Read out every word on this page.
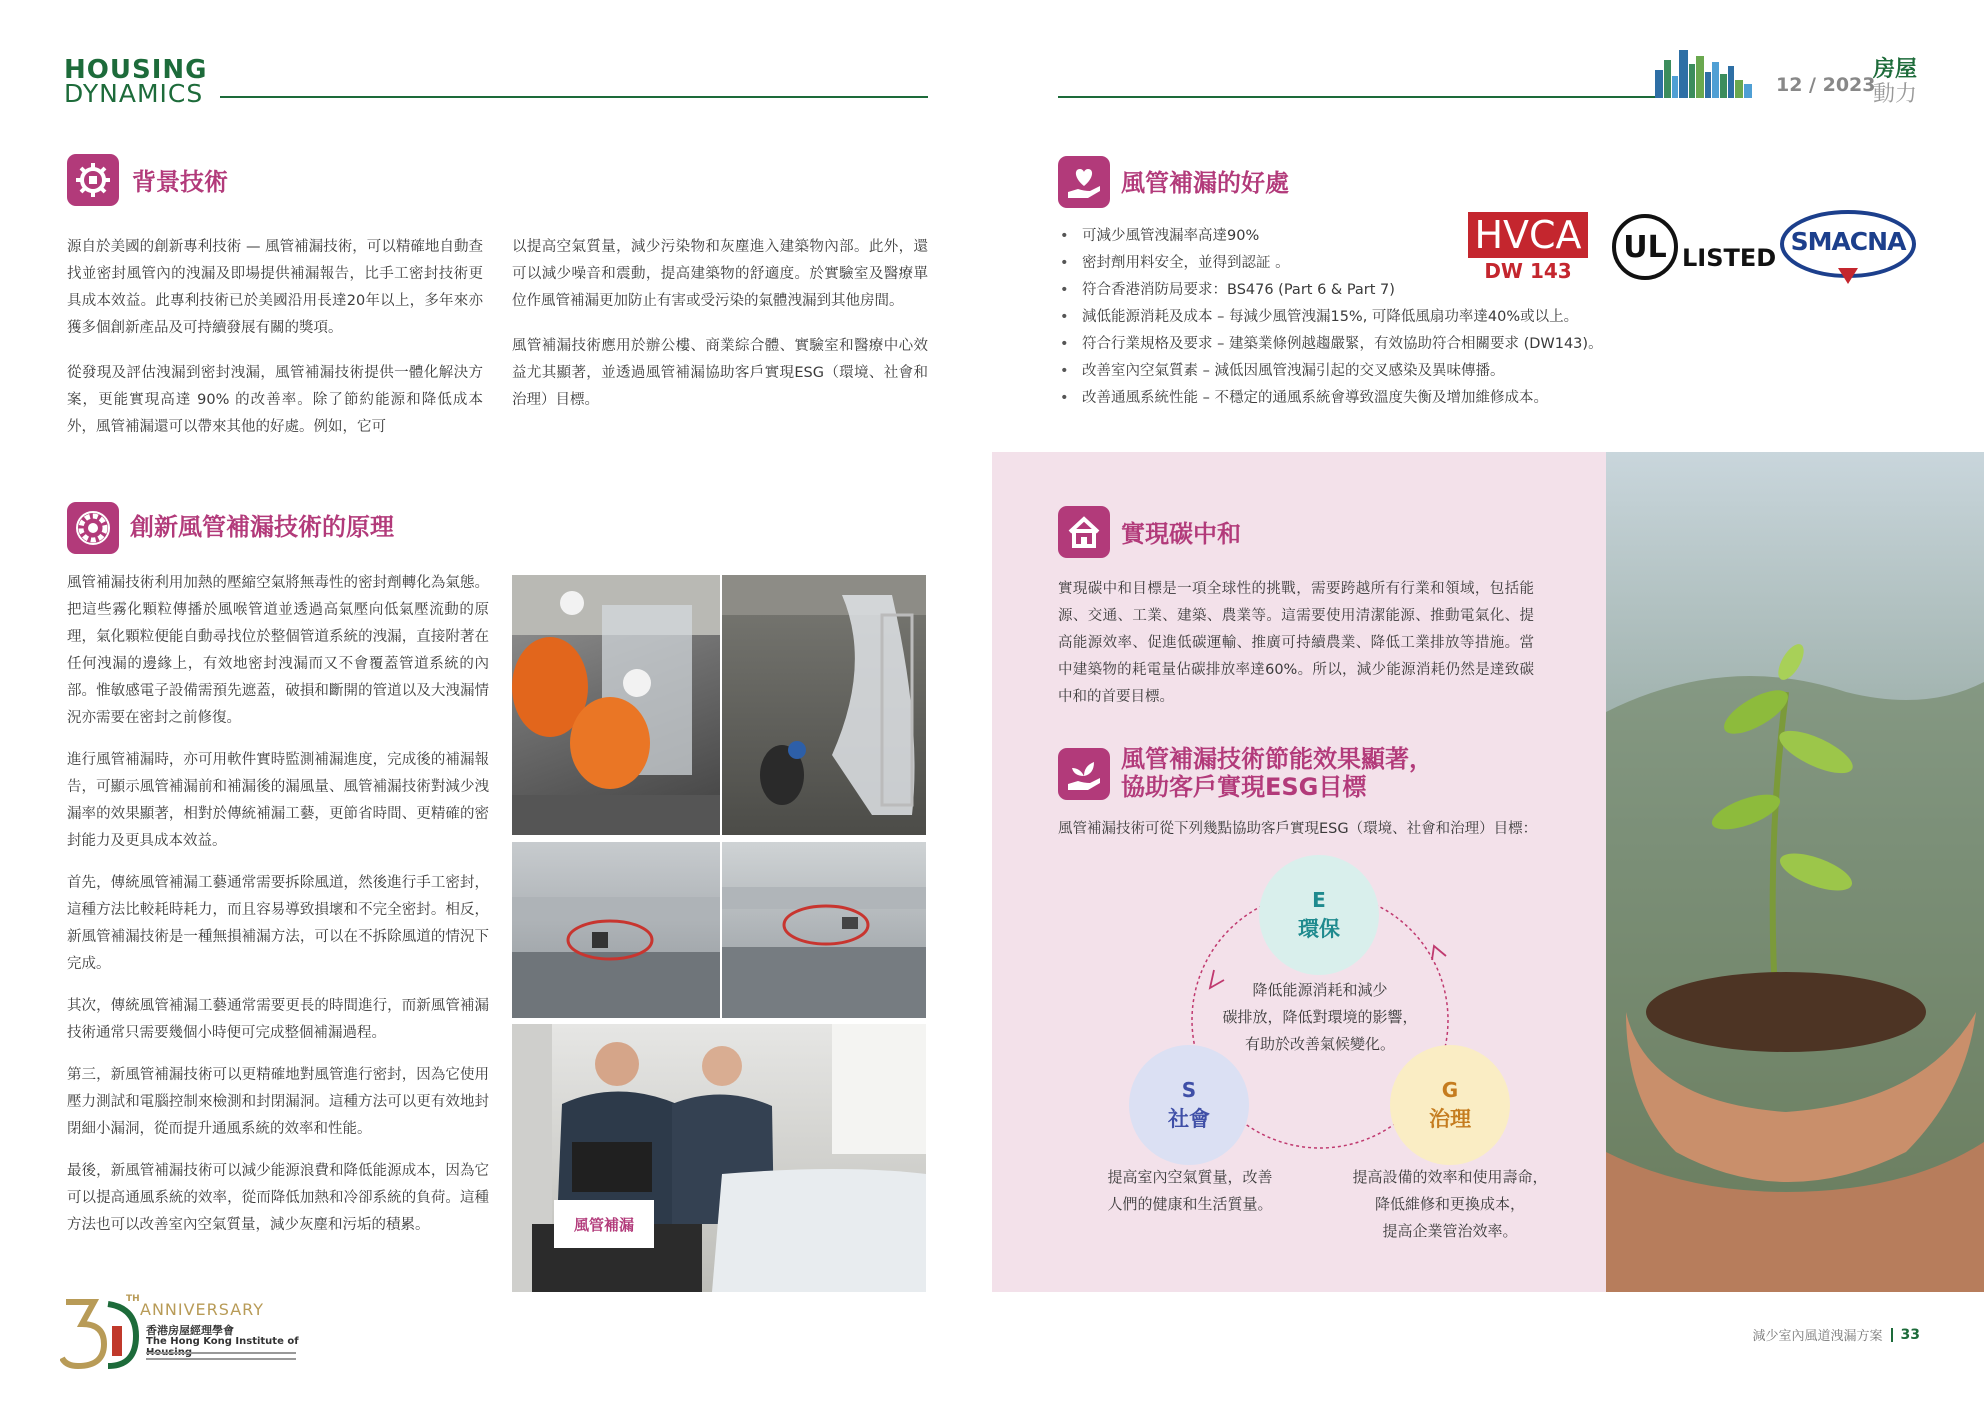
HOUSING
DYNAMICS	12 / 2023
房屋
動力
背景技術

源自於美國的創新專利技術 — 風管補漏技術，可以精確地自動查找並密封風管內的洩漏及即場提供補漏報告，比手工密封技術更具成本效益。此專利技術已於美國沿用長達20年以上，多年來亦獲多個創新產品及可持續發展有關的獎項。

從發現及評估洩漏到密封洩漏，風管補漏技術提供一體化解決方案，更能實現高達 90% 的改善率。除了節約能源和降低成本外，風管補漏還可以帶來其他的好處。例如，它可

以提高空氣質量，減少污染物和灰塵進入建築物內部。此外，還可以減少噪音和震動，提高建築物的舒適度。於實驗室及醫療單位作風管補漏更加防止有害或受污染的氣體洩漏到其他房間。

風管補漏技術應用於辦公樓、商業綜合體、實驗室和醫療中心效益尤其顯著，並透過風管補漏協助客戶實現ESG（環境、社會和治理）目標。

創新風管補漏技術的原理

風管補漏技術利用加熱的壓縮空氣將無毒性的密封劑轉化為氣態。把這些霧化顆粒傳播於風喉管道並透過高氣壓向低氣壓流動的原理，氣化顆粒便能自動尋找位於整個管道系統的洩漏，直接附著在任何洩漏的邊緣上，有效地密封洩漏而又不會覆蓋管道系統的內部。惟敏感電子設備需預先遮蓋，破損和斷開的管道以及大洩漏情況亦需要在密封之前修復。

進行風管補漏時，亦可用軟件實時監測補漏進度，完成後的補漏報告，可顯示風管補漏前和補漏後的漏風量、風管補漏技術對減少洩漏率的效果顯著，相對於傳統補漏工藝，更節省時間、更精確的密封能力及更具成本效益。

首先，傳統風管補漏工藝通常需要拆除風道，然後進行手工密封，這種方法比較耗時耗力，而且容易導致損壞和不完全密封。相反，新風管補漏技術是一種無損補漏方法，可以在不拆除風道的情況下完成。

其次，傳統風管補漏工藝通常需要更長的時間進行，而新風管補漏技術通常只需要幾個小時便可完成整個補漏過程。

第三，新風管補漏技術可以更精確地對風管進行密封，因為它使用壓力測試和電腦控制來檢測和封閉漏洞。這種方法可以更有效地封閉細小漏洞，從而提升通風系統的效率和性能。

最後，新風管補漏技術可以減少能源浪費和降低能源成本，因為它可以提高通風系統的效率，從而降低加熱和冷卻系統的負荷。這種方法也可以改善室內空氣質量，減少灰塵和污垢的積累。	風管補漏
TH
ANNIVERSARY
香港房屋經理學會
The Hong Kong Institute of
風管補漏的好處
• 可減少風管洩漏率高達90%
• 密封劑用料安全，並得到認証 。
• 符合香港消防局要求：BS476 (Part 6 & Part 7)
• 減低能源消耗及成本 – 每減少風管洩漏15%, 可降低風扇功率達40%或以上。
• 符合行業規格及要求 – 建築業條例越趨嚴緊，有效協助符合相關要求 (DW143)。
• 改善室內空氣質素 – 減低因風管洩漏引起的交叉感染及異味傳播。
• 改善通風系統性能 – 不穩定的通風系統會導致溫度失衡及增加維修成本。
HVCA
DW 143
UL LISTED
SMACNA
實現碳中和

實現碳中和目標是一項全球性的挑戰，需要跨越所有行業和領域，包括能源、交通、工業、建築、農業等。這需要使用清潔能源、推動電氣化、提高能源效率、促進低碳運輸、推廣可持續農業、降低工業排放等措施。當中建築物的耗電量佔碳排放率達60%。所以，減少能源消耗仍然是達致碳中和的首要目標。

風管補漏技術節能效果顯著，
協助客戶實現ESG目標

風管補漏技術可從下列幾點協助客戶實現ESG（環境、社會和治理）目標：

E
環保
S
社會
G
治理
降低能源消耗和減少
碳排放，降低對環境的影響，
有助於改善氣候變化。
提高室內空氣質量，改善
人們的健康和生活質量。
提高設備的效率和使用壽命，
降低維修和更換成本，
提高企業管治效率。
減少室內風道洩漏方案 33
